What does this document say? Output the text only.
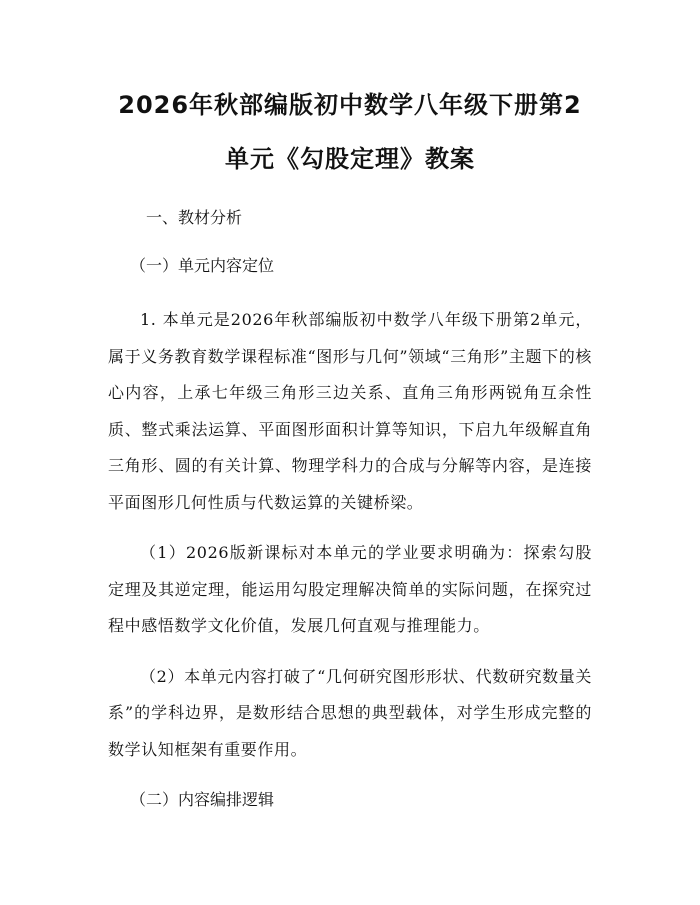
2026年秋部编版初中数学八年级下册第2单元《勾股定理》教案

一、教材分析

（一）单元内容定位

1. 本单元是2026年秋部编版初中数学八年级下册第2单元，属于义务教育数学课程标准“图形与几何”领域“三角形”主题下的核心内容，上承七年级三角形三边关系、直角三角形两锐角互余性质、整式乘法运算、平面图形面积计算等知识，下启九年级解直角三角形、圆的有关计算、物理学科力的合成与分解等内容，是连接平面图形几何性质与代数运算的关键桥梁。

（1）2026版新课标对本单元的学业要求明确为：探索勾股定理及其逆定理，能运用勾股定理解决简单的实际问题，在探究过程中感悟数学文化价值，发展几何直观与推理能力。

（2）本单元内容打破了“几何研究图形形状、代数研究数量关系”的学科边界，是数形结合思想的典型载体，对学生形成完整的数学认知框架有重要作用。

（二）内容编排逻辑
